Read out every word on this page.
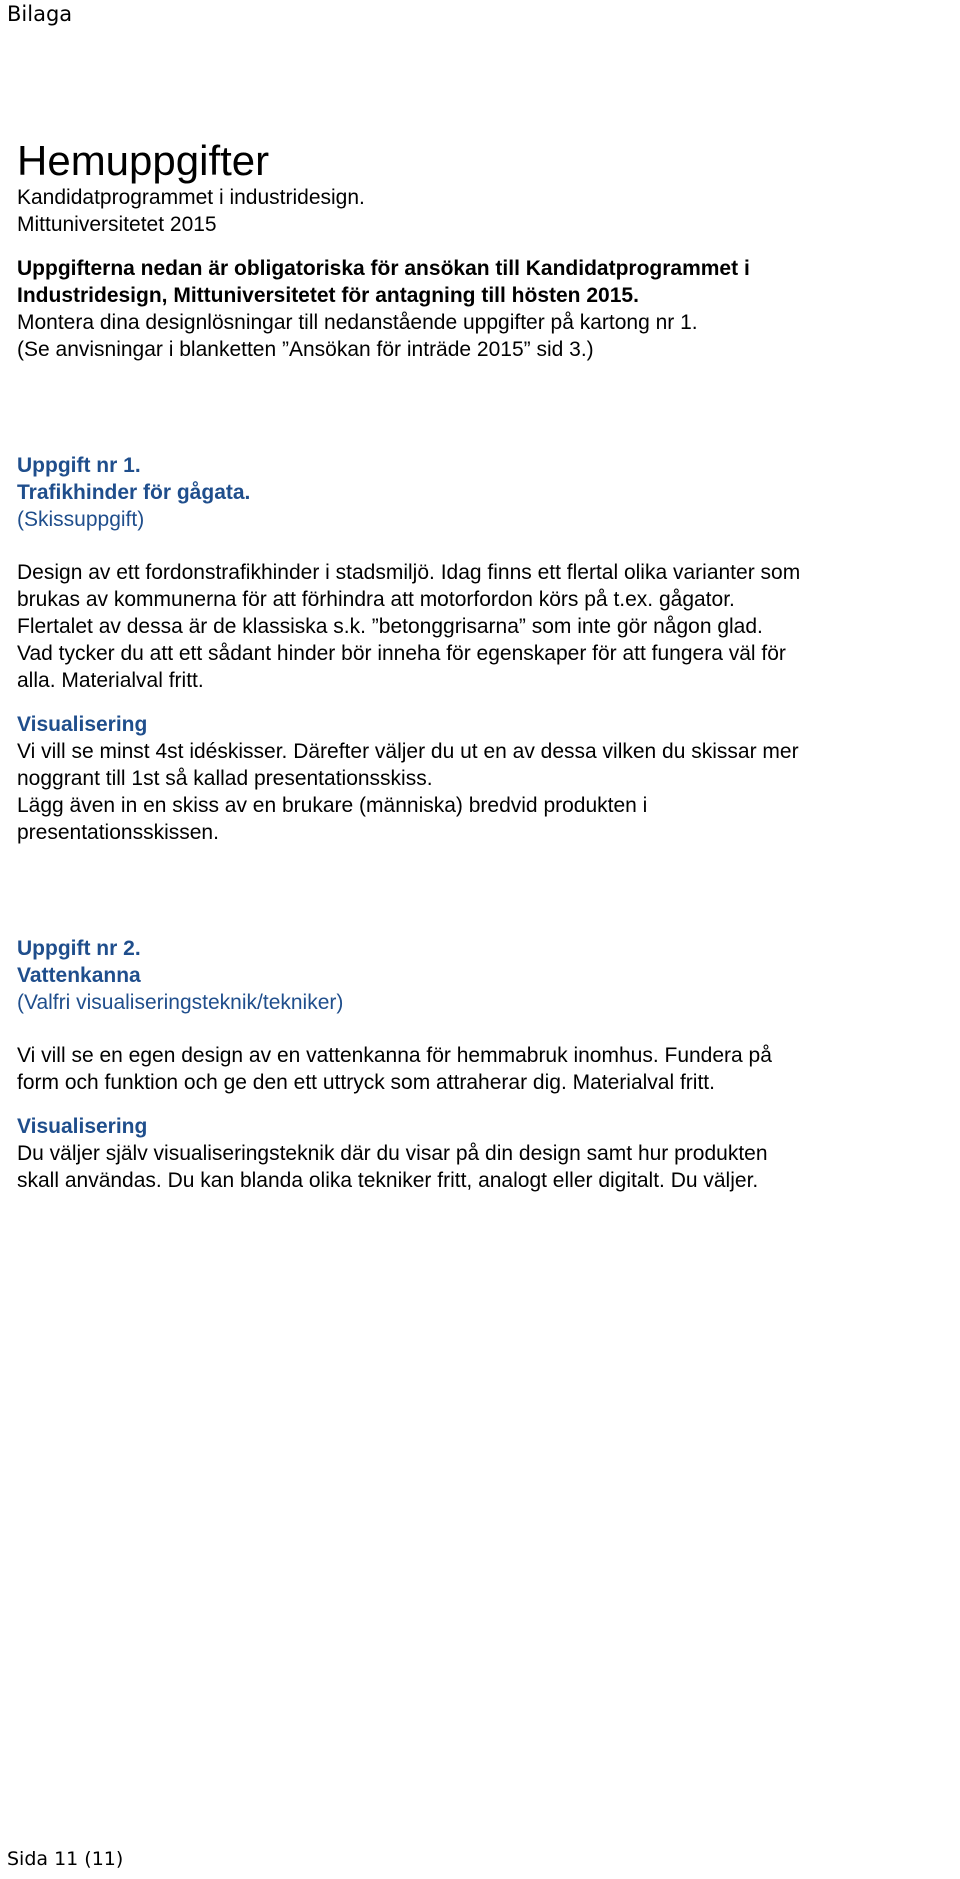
Bilaga
Hemuppgifter

Kandidatprogrammet i industridesign.

Mittuniversitetet 2015

Uppgifterna nedan är obligatoriska för ansökan till Kandidatprogrammet i

Industridesign, Mittuniversitetet för antagning till hösten 2015.

Montera dina designlösningar till nedanstående uppgifter på kartong nr 1.

(Se anvisningar i blanketten ”Ansökan för inträde 2015” sid 3.)

Uppgift nr 1.

Trafikhinder för gågata.

(Skissuppgift)

Design av ett fordonstrafikhinder i stadsmiljö. Idag finns ett flertal olika varianter som

brukas av kommunerna för att förhindra att motorfordon körs på t.ex. gågator.

Flertalet av dessa är de klassiska s.k. ”betonggrisarna” som inte gör någon glad.

Vad tycker du att ett sådant hinder bör inneha för egenskaper för att fungera väl för

alla. Materialval fritt.

Visualisering

Vi vill se minst 4st idéskisser. Därefter väljer du ut en av dessa vilken du skissar mer

noggrant till 1st så kallad presentationsskiss.

Lägg även in en skiss av en brukare (människa) bredvid produkten i

presentationsskissen.

Uppgift nr 2.

Vattenkanna

(Valfri visualiseringsteknik/tekniker)

Vi vill se en egen design av en vattenkanna för hemmabruk inomhus. Fundera på

form och funktion och ge den ett uttryck som attraherar dig. Materialval fritt.

Visualisering

Du väljer själv visualiseringsteknik där du visar på din design samt hur produkten

skall användas. Du kan blanda olika tekniker fritt, analogt eller digitalt. Du väljer.

Sida 11 (11)
